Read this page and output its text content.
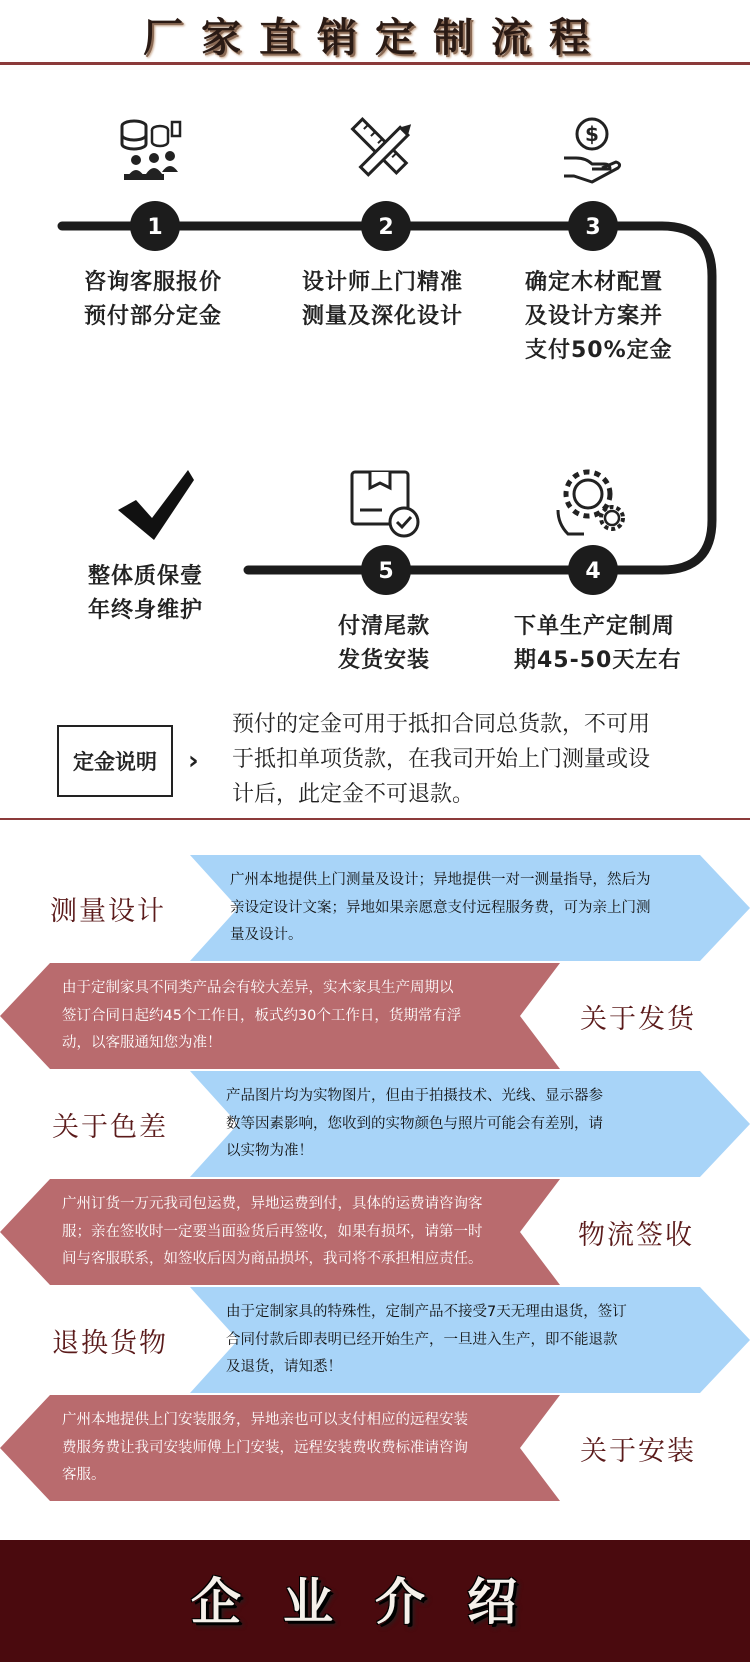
厂家直销定制流程
$
1	2	3
4
5
咨询客服报价
预付部分定金
设计师上门精准
测量及深化设计
确定木材配置
及设计方案并
支付50%定金
下单生产定制周
期45-50天左右
付清尾款
发货安装
整体质保壹
年终身维护
定金说明 ›
预付的定金可用于抵扣合同总货款，不可用
于抵扣单项货款，在我司开始上门测量或设
计后，此定金不可退款。
测量设计
广州本地提供上门测量及设计；异地提供一对一测量指导，然后为
亲设定设计文案；异地如果亲愿意支付远程服务费，可为亲上门测
量及设计。
由于定制家具不同类产品会有较大差异，实木家具生产周期以
签订合同日起约45个工作日，板式约30个工作日，货期常有浮
动，以客服通知您为准！
关于发货
关于色差
产品图片均为实物图片，但由于拍摄技术、光线、显示器参
数等因素影响，您收到的实物颜色与照片可能会有差别，请
以实物为准！
广州订货一万元我司包运费，异地运费到付，具体的运费请咨询客
服；亲在签收时一定要当面验货后再签收，如果有损坏，请第一时
间与客服联系，如签收后因为商品损坏，我司将不承担相应责任。
物流签收
退换货物
由于定制家具的特殊性，定制产品不接受7天无理由退货，签订
合同付款后即表明已经开始生产，一旦进入生产，即不能退款
及退货，请知悉！
广州本地提供上门安装服务，异地亲也可以支付相应的远程安装
费服务费让我司安装师傅上门安装，远程安装费收费标准请咨询
客服。
关于安装
企业介绍
